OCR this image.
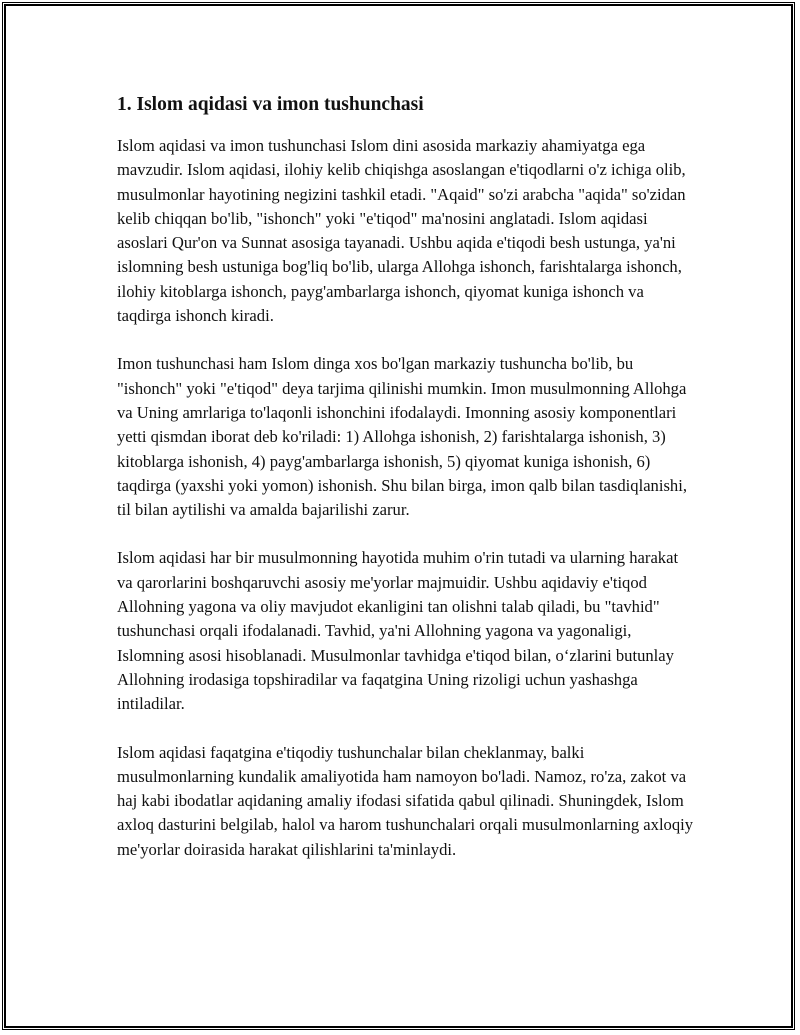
1. Islom aqidasi va imon tushunchasi

Islom aqidasi va imon tushunchasi Islom dini asosida markaziy ahamiyatga ega mavzudir. Islom aqidasi, ilohiy kelib chiqishga asoslangan e'tiqodlarni o'z ichiga olib, musulmonlar hayotining negizini tashkil etadi. "Aqaid" so'zi arabcha "aqida" so'zidan kelib chiqqan bo'lib, "ishonch" yoki "e'tiqod" ma'nosini anglatadi. Islom aqidasi asoslari Qur'on va Sunnat asosiga tayanadi. Ushbu aqida e'tiqodi besh ustunga, ya'ni islomning besh ustuniga bog'liq bo'lib, ularga Allohga ishonch, farishtalarga ishonch, ilohiy kitoblarga ishonch, payg'ambarlarga ishonch, qiyomat kuniga ishonch va taqdirga ishonch kiradi.

Imon tushunchasi ham Islom dinga xos bo'lgan markaziy tushuncha bo'lib, bu "ishonch" yoki "e'tiqod" deya tarjima qilinishi mumkin. Imon musulmonning Allohga va Uning amrlariga to'laqonli ishonchini ifodalaydi. Imonning asosiy komponentlari yetti qismdan iborat deb ko'riladi: 1) Allohga ishonish, 2) farishtalarga ishonish, 3) kitoblarga ishonish, 4) payg'ambarlarga ishonish, 5) qiyomat kuniga ishonish, 6) taqdirga (yaxshi yoki yomon) ishonish. Shu bilan birga, imon qalb bilan tasdiqlanishi, til bilan aytilishi va amalda bajarilishi zarur.

Islom aqidasi har bir musulmonning hayotida muhim o'rin tutadi va ularning harakat va qarorlarini boshqaruvchi asosiy me'yorlar majmuidir. Ushbu aqidaviy e'tiqod Allohning yagona va oliy mavjudot ekanligini tan olishni talab qiladi, bu "tavhid" tushunchasi orqali ifodalanadi. Tavhid, ya'ni Allohning yagona va yagonaligi, Islomning asosi hisoblanadi. Musulmonlar tavhidga e'tiqod bilan, o‘zlarini butunlay Allohning irodasiga topshiradilar va faqatgina Uning rizoligi uchun yashashga intiladilar.

Islom aqidasi faqatgina e'tiqodiy tushunchalar bilan cheklanmay, balki musulmonlarning kundalik amaliyotida ham namoyon bo'ladi. Namoz, ro'za, zakot va haj kabi ibodatlar aqidaning amaliy ifodasi sifatida qabul qilinadi. Shuningdek, Islom axloq dasturini belgilab, halol va harom tushunchalari orqali musulmonlarning axloqiy me'yorlar doirasida harakat qilishlarini ta'minlaydi.
